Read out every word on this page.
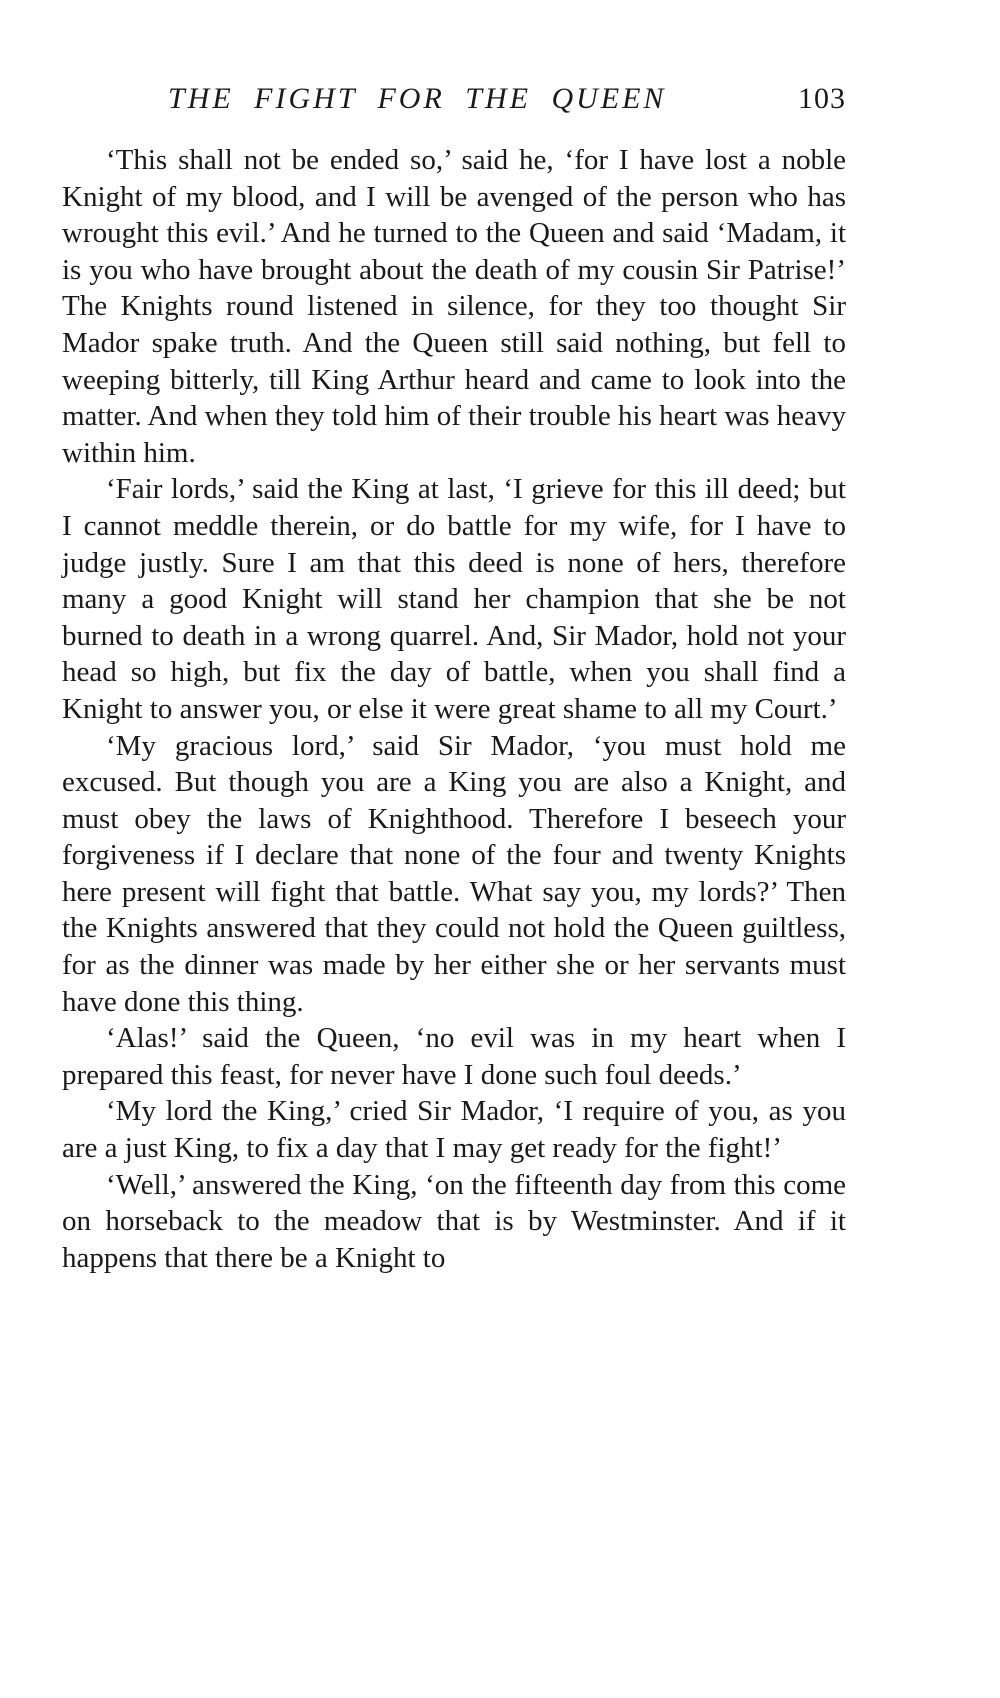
THE FIGHT FOR THE QUEEN	103

‘This shall not be ended so,’ said he, ‘for I have lost a noble Knight of my blood, and I will be avenged of the person who has wrought this evil.’ And he turned to the Queen and said ‘Madam, it is you who have brought about the death of my cousin Sir Patrise!’ The Knights round listened in silence, for they too thought Sir Mador spake truth. And the Queen still said nothing, but fell to weeping bitterly, till King Arthur heard and came to look into the matter. And when they told him of their trouble his heart was heavy within him.

‘Fair lords,’ said the King at last, ‘I grieve for this ill deed; but I cannot meddle therein, or do battle for my wife, for I have to judge justly. Sure I am that this deed is none of hers, therefore many a good Knight will stand her champion that she be not burned to death in a wrong quarrel. And, Sir Mador, hold not your head so high, but fix the day of battle, when you shall find a Knight to answer you, or else it were great shame to all my Court.’

‘My gracious lord,’ said Sir Mador, ‘you must hold me excused. But though you are a King you are also a Knight, and must obey the laws of Knighthood. Therefore I beseech your forgiveness if I declare that none of the four and twenty Knights here present will fight that battle. What say you, my lords?’ Then the Knights answered that they could not hold the Queen guiltless, for as the dinner was made by her either she or her servants must have done this thing.

‘Alas!’ said the Queen, ‘no evil was in my heart when I prepared this feast, for never have I done such foul deeds.’

‘My lord the King,’ cried Sir Mador, ‘I require of you, as you are a just King, to fix a day that I may get ready for the fight!’

‘Well,’ answered the King, ‘on the fifteenth day from this come on horseback to the meadow that is by Westminster. And if it happens that there be a Knight to
